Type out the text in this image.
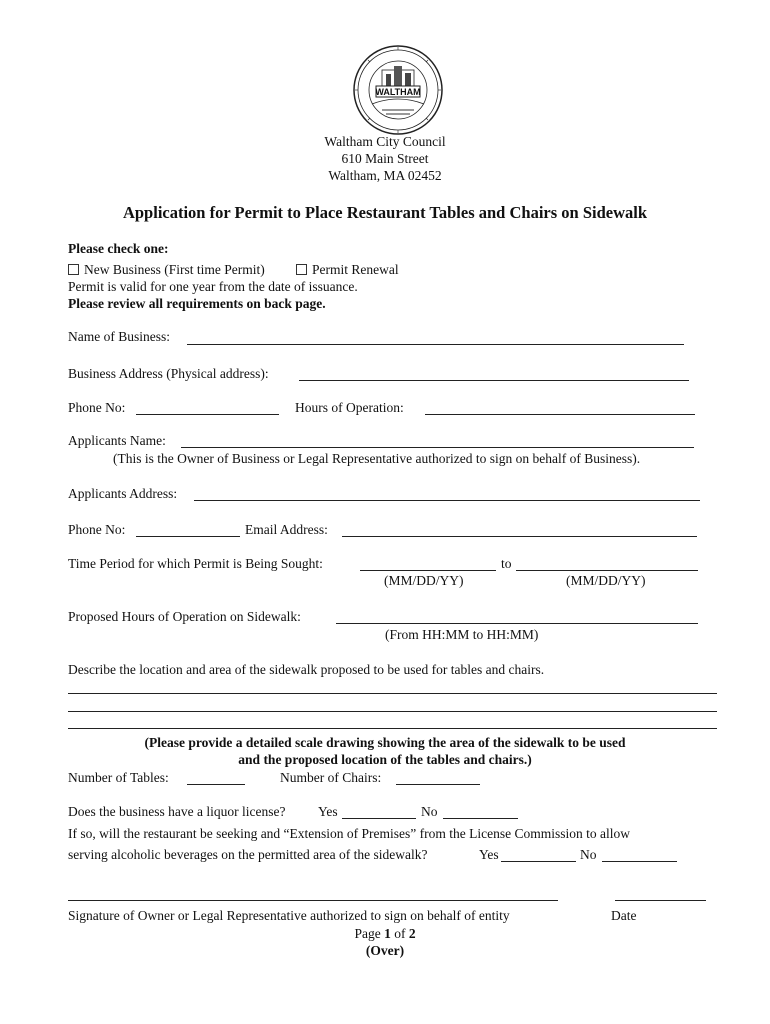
WALTHAM
Waltham City Council
610 Main Street
Waltham, MA 02452
Application for Permit to Place Restaurant Tables and Chairs on Sidewalk
Please check one:
New Business (First time Permit)	Permit Renewal
Permit is valid for one year from the date of issuance.
Please review all requirements on back page.
Name of Business:
Business Address (Physical address):
Phone No:	Hours of Operation:
Applicants Name:
(This is the Owner of Business or Legal Representative authorized to sign on behalf of Business).
Applicants Address:
Phone No:	Email Address:
Time Period for which Permit is Being Sought:	to
(MM/DD/YY)	(MM/DD/YY)
Proposed Hours of Operation on Sidewalk:
(From HH:MM to HH:MM)
Describe the location and area of the sidewalk proposed to be used for tables and chairs.
(Please provide a detailed scale drawing showing the area of the sidewalk to be used
and the proposed location of the tables and chairs.)
Number of Tables:	Number of Chairs:
Does the business have a liquor license? Yes	No
If so, will the restaurant be seeking and “Extension of Premises” from the License Commission to allow
serving alcoholic beverages on the permitted area of the sidewalk?	Yes	No
Signature of Owner or Legal Representative authorized to sign on behalf of entity	Date
Page 1 of 2
(Over)
